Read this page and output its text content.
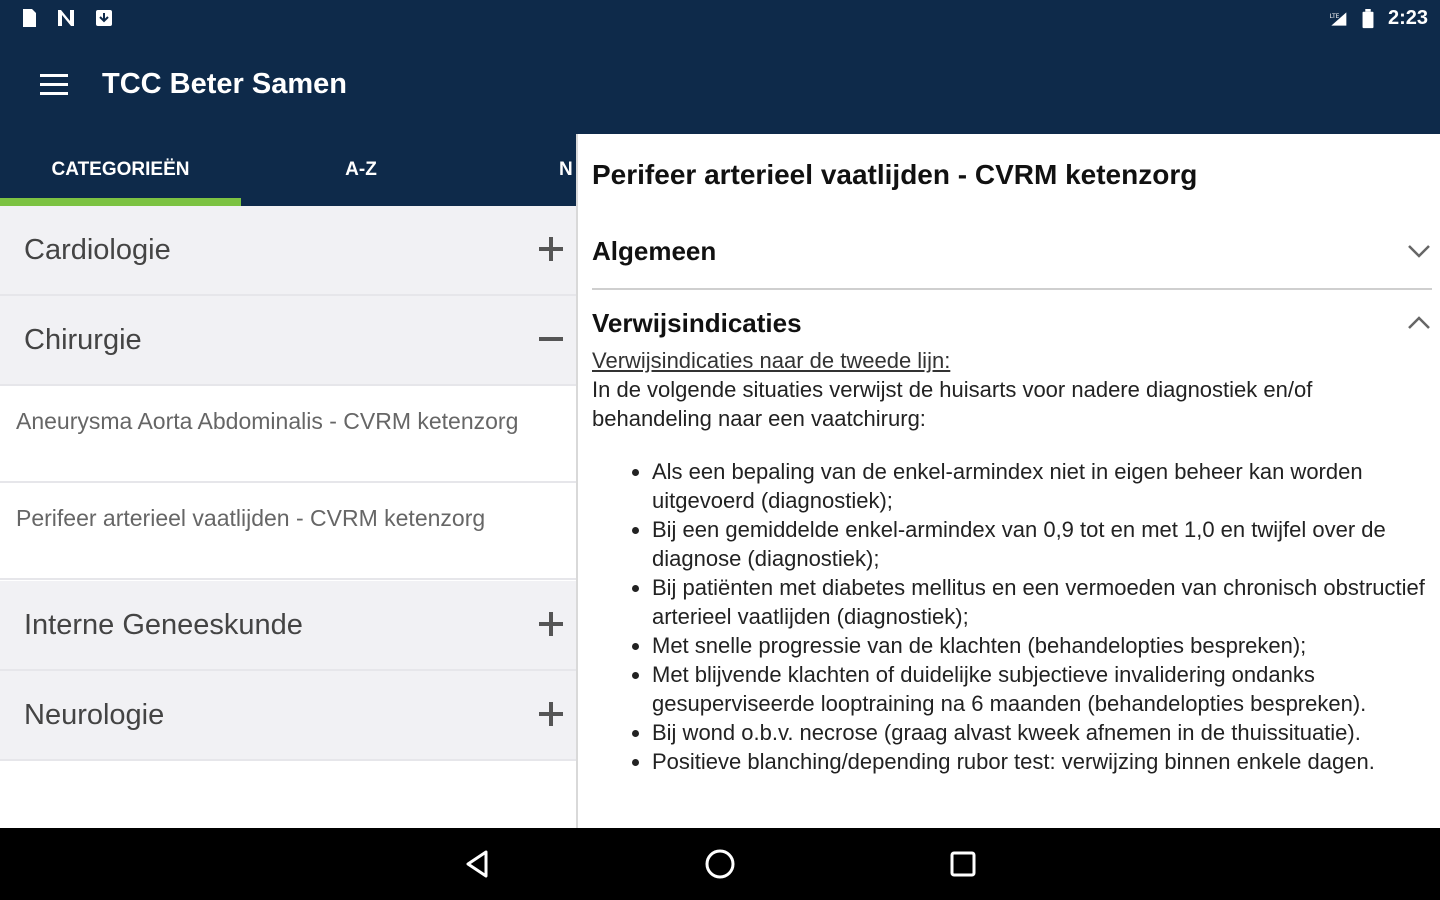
LTE 2:23
TCC Beter Samen
CATEGORIEËN	A-Z	N
Cardiologie
Chirurgie
Aneurysma Aorta Abdominalis - CVRM ketenzorg
Perifeer arterieel vaatlijden - CVRM ketenzorg
Interne Geneeskunde
Neurologie
Perifeer arterieel vaatlijden - CVRM ketenzorg
Algemeen
Verwijsindicaties
Verwijsindicaties naar de tweede lijn:
In de volgende situaties verwijst de huisarts voor nadere diagnostiek en/of behandeling naar een vaatchirurg:
• Als een bepaling van de enkel-armindex niet in eigen beheer kan worden uitgevoerd (diagnostiek);
• Bij een gemiddelde enkel-armindex van 0,9 tot en met 1,0 en twijfel over de diagnose (diagnostiek);
• Bij patiënten met diabetes mellitus en een vermoeden van chronisch obstructief arterieel vaatlijden (diagnostiek);
• Met snelle progressie van de klachten (behandelopties bespreken);
• Met blijvende klachten of duidelijke subjectieve invalidering ondanks gesuperviseerde looptraining na 6 maanden (behandelopties bespreken).
• Bij wond o.b.v. necrose (graag alvast kweek afnemen in de thuissituatie).
• Positieve blanching/depending rubor test: verwijzing binnen enkele dagen.
